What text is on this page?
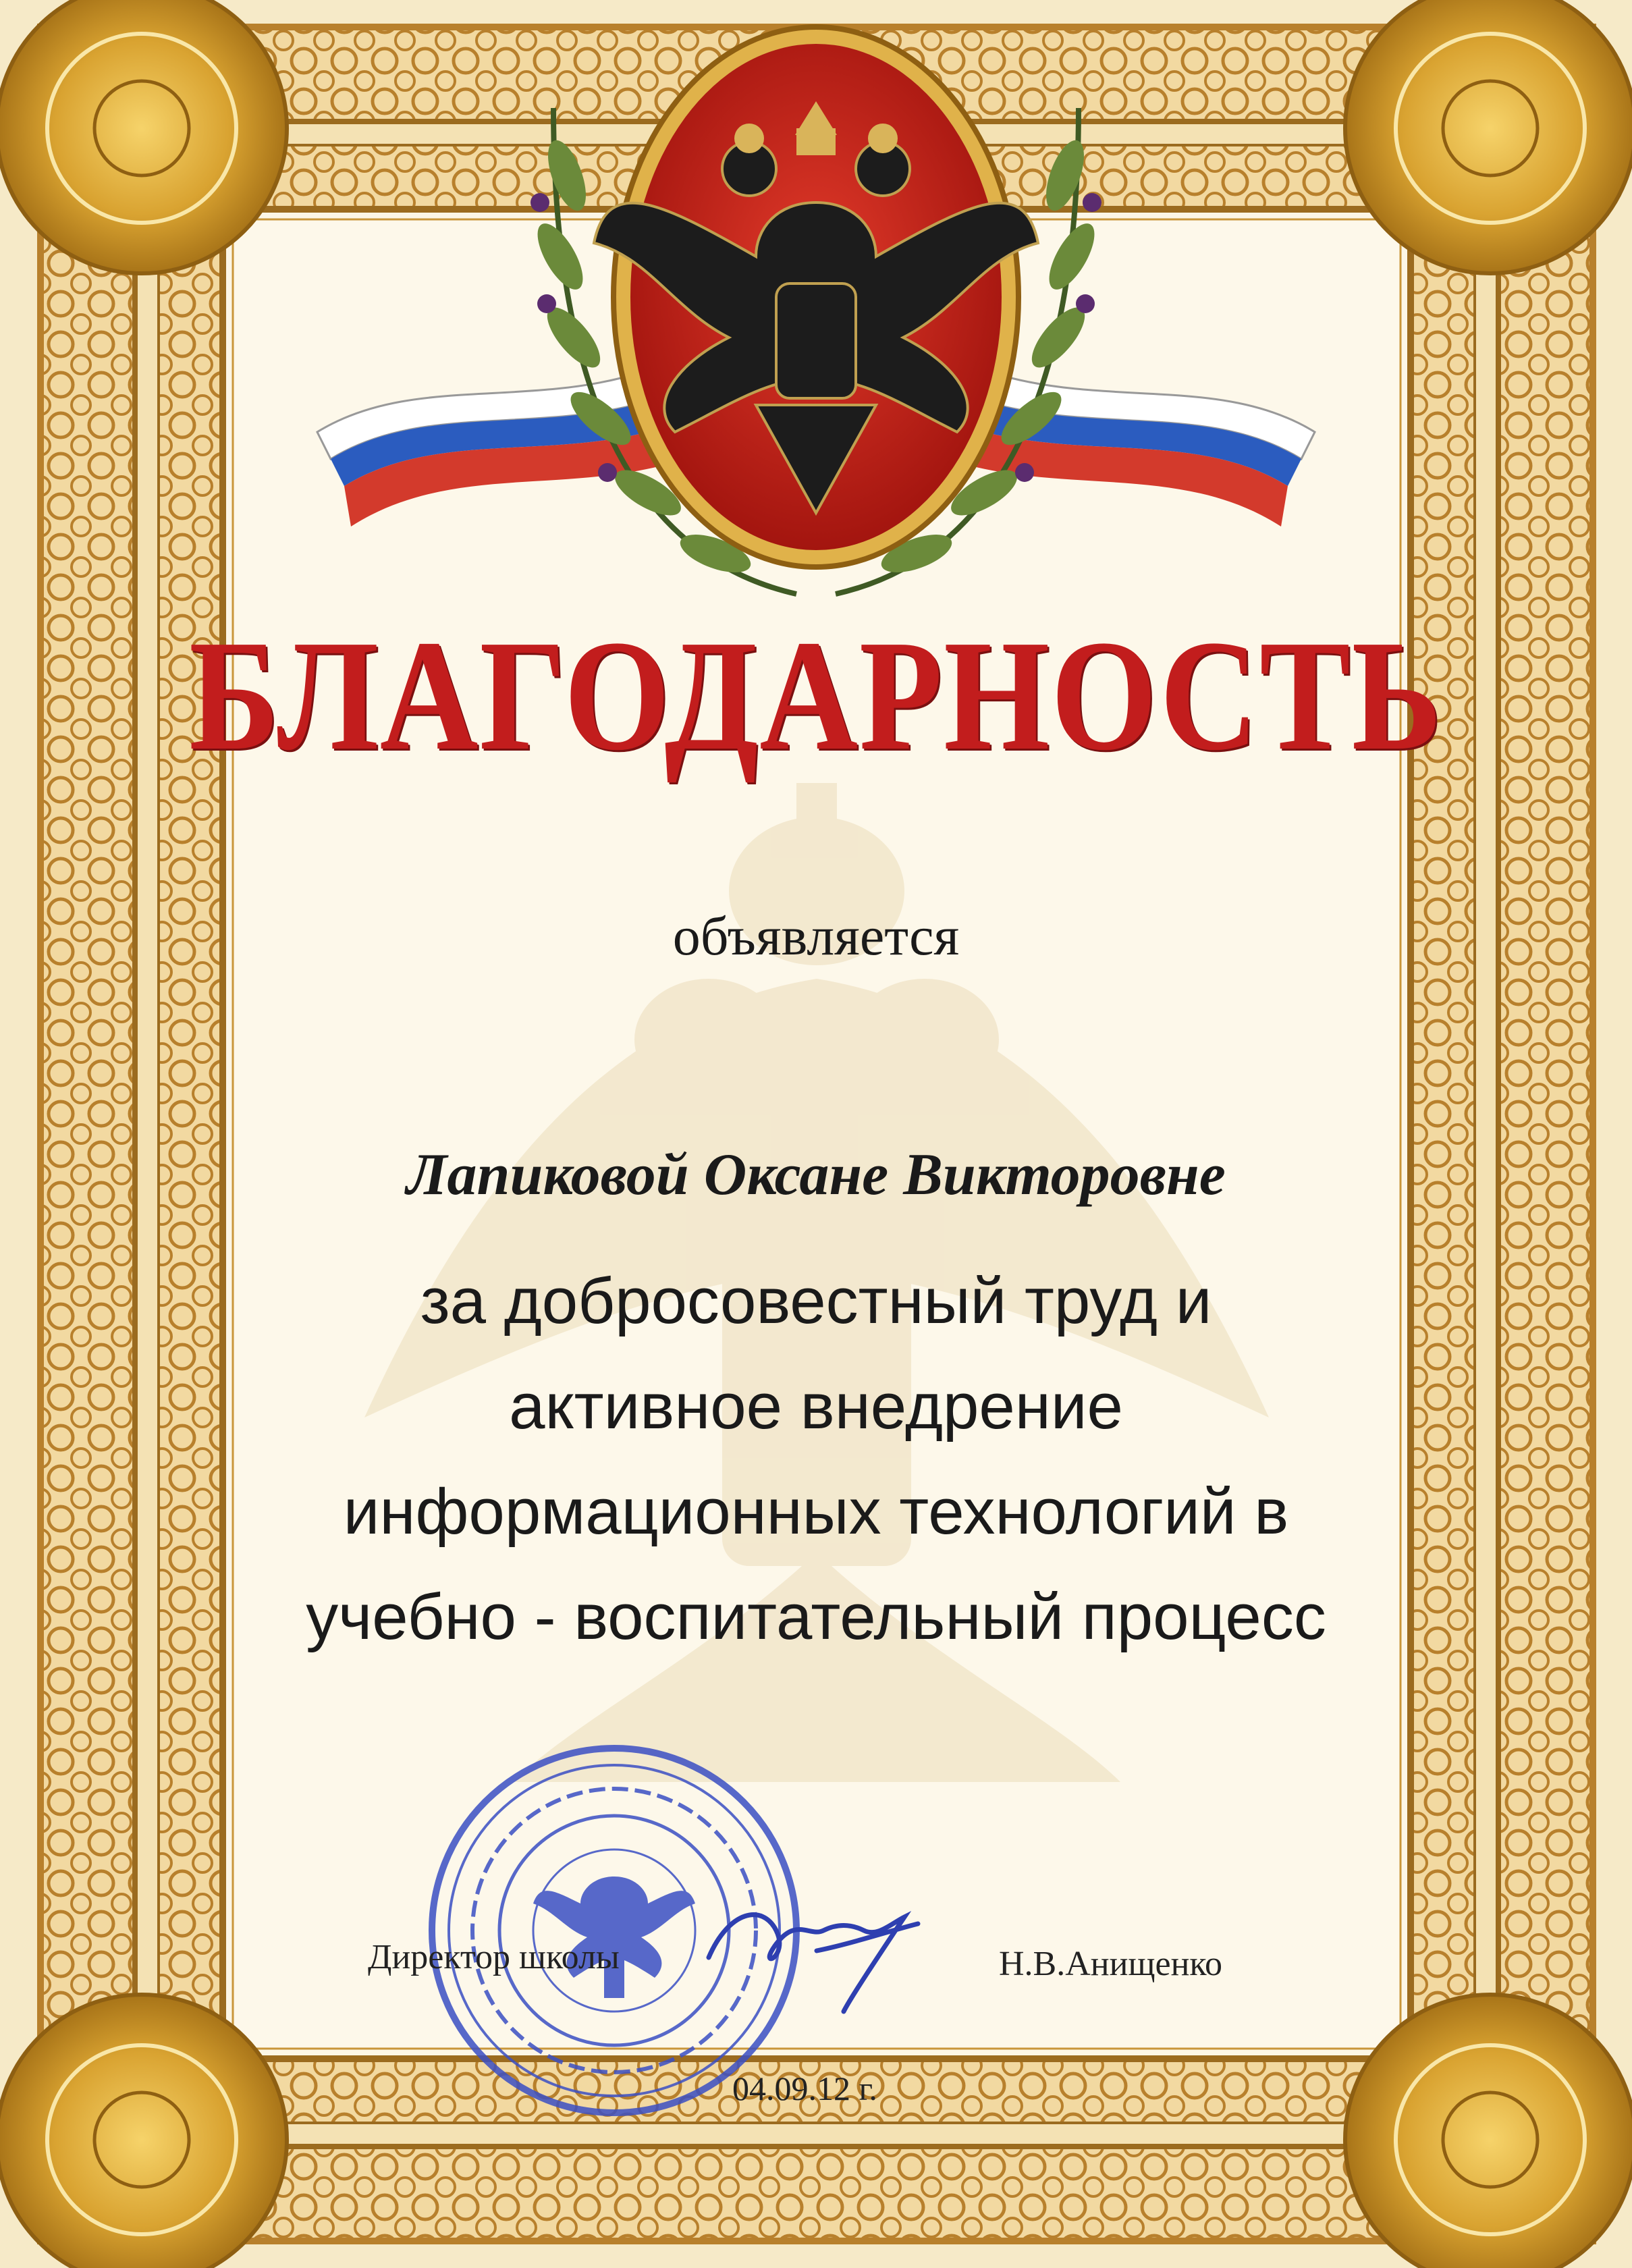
БЛАГОДАРНОСТЬ
объявляется
Лапиковой Оксане Викторовне
за добросовестный труд и
активное внедрение
информационных технологий в
учебно - воспитательный процесс
Директор школы	Н.В.Анищенко
04.09.12 г.
